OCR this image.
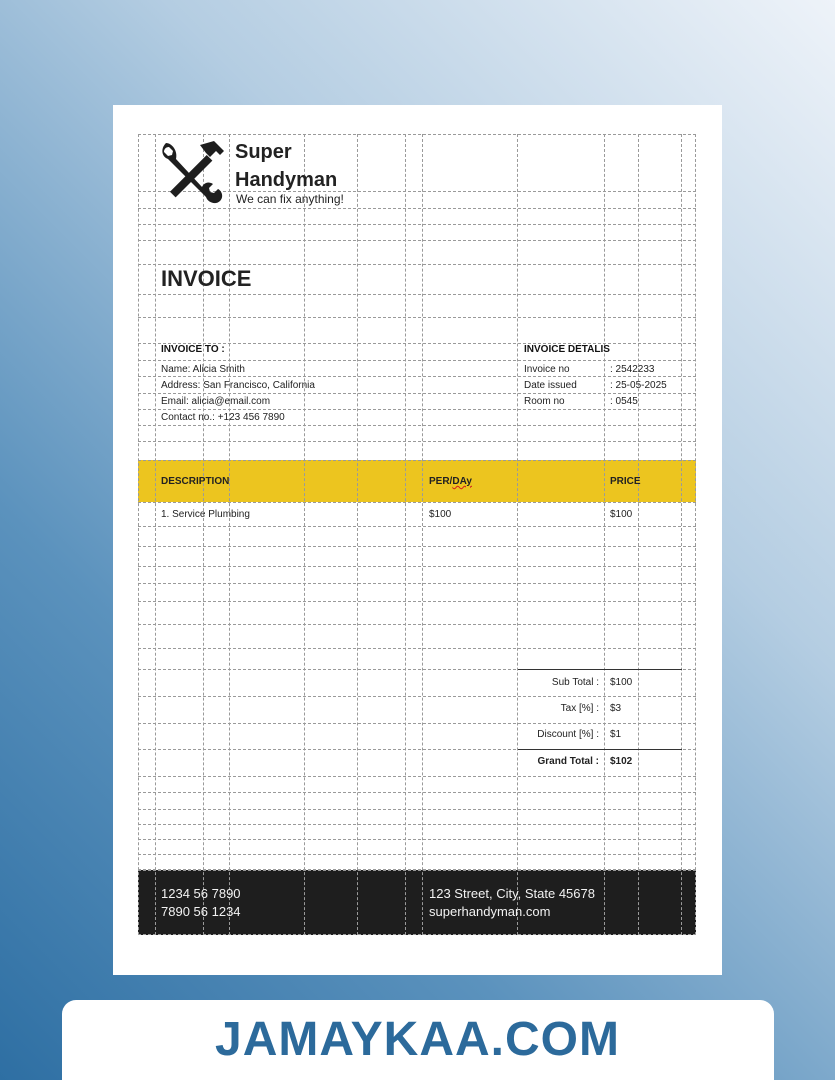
Super
Handyman
We can fix anything!
INVOICE
INVOICE TO :
Name: Alicia Smith
Address: San Francisco, California
Email: alicia@email.com
Contact no.: +123 456 7890
INVOICE DETALIS
Invoice no	: 2542233
Date issued	: 25-05-2025
Room no	: 0545
DESCRIPTION	PER/DAy	PRICE
1. Service Plumbing	$100	$100
Sub Total : $100
Tax [%] : $3
Discount [%] : $1
Grand Total : $102
1234 56 7890
7890 56 1234
123 Street, City, State 45678
superhandyman.com
JAMAYKAA.COM
